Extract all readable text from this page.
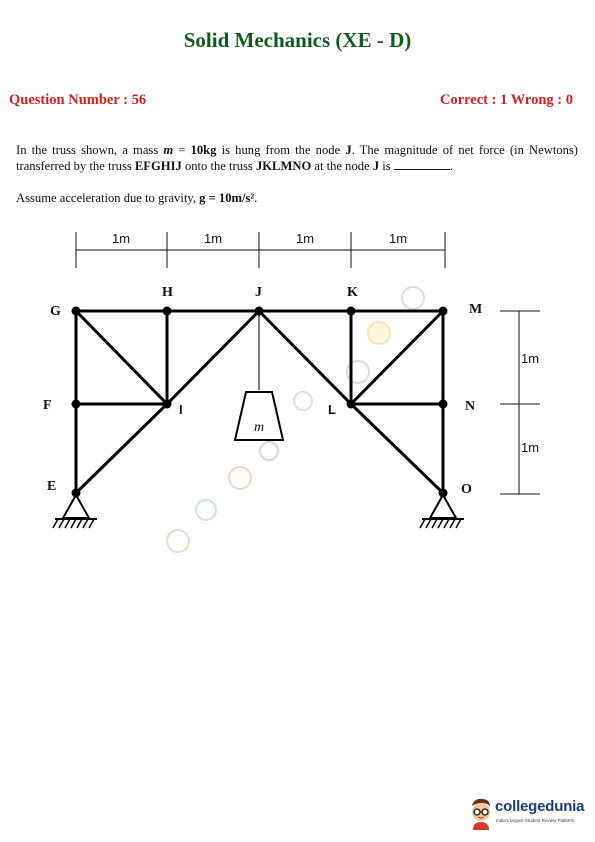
Solid Mechanics (XE - D)
Question Number : 56	Correct : 1 Wrong : 0
In the truss shown, a mass m = 10kg is hung from the node J. The magnitude of net force (in Newtons) transferred by the truss EFGHIJ onto the truss JKLMNO at the node J is	.
Assume acceleration due to gravity, g = 10m/s².
1m	1m	1m	1m
1m
1m
m
G
H	J	K
M
F	I	L	N
E	O
collegedunia
India's largest Student Review Platform
